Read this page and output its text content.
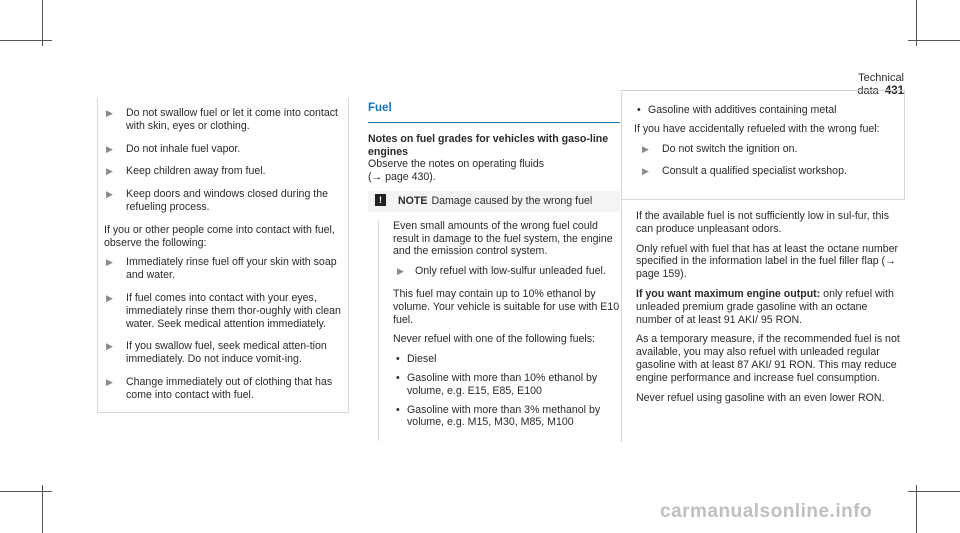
Technical
▶ Do not swallow fuel or let it come into contact with skin, eyes or clothing.
▶ Do not inhale fuel vapor.
▶ Keep children away from fuel.
▶ Keep doors and windows closed during the refueling process.

If you or other people come into contact with fuel, observe the following:

▶ Immediately rinse fuel off your skin with soap and water.
▶ If fuel comes into contact with your eyes, immediately rinse them thor-oughly with clean water. Seek medical attention immediately.
▶ If you swallow fuel, seek medical atten-tion immediately. Do not induce vomit-ing.
▶ Change immediately out of clothing that has come into contact with fuel.
Fuel
Notes on fuel grades for vehicles with gaso-line engines
Observe the notes on operating fluids

(→ page 430).

!	NOTE Damage caused by the wrong fuel

Even small amounts of the wrong fuel could result in damage to the fuel system, the engine and the emission control system.

▶ Only refuel with low-sulfur unleaded fuel.

This fuel may contain up to 10% ethanol by volume. Your vehicle is suitable for use with E10 fuel.

Never refuel with one of the following fuels:

• Diesel
• Gasoline with more than 10% ethanol by volume, e.g. E15, E85, E100
• Gasoline with more than 3% methanol by volume, e.g. M15, M30, M85, M100
• Gasoline with additives containing metal

If you have accidentally refueled with the wrong fuel:

▶ Do not switch the ignition on.
▶ Consult a qualified specialist workshop.

If the available fuel is not sufficiently low in sul-fur, this can produce unpleasant odors.

Only refuel with fuel that has at least the octane number specified in the information label in the fuel filler flap (→ page 159).

If you want maximum engine output: only refuel with unleaded premium grade gasoline with an octane number of at least 91 AKI/ 95 RON.

As a temporary measure, if the recommended fuel is not available, you may also refuel with unleaded regular gasoline with at least 87 AKI/ 91 RON. This may reduce engine performance and increase fuel consumption.

Never refuel using gasoline with an even lower RON.

carmanualsonline.info
